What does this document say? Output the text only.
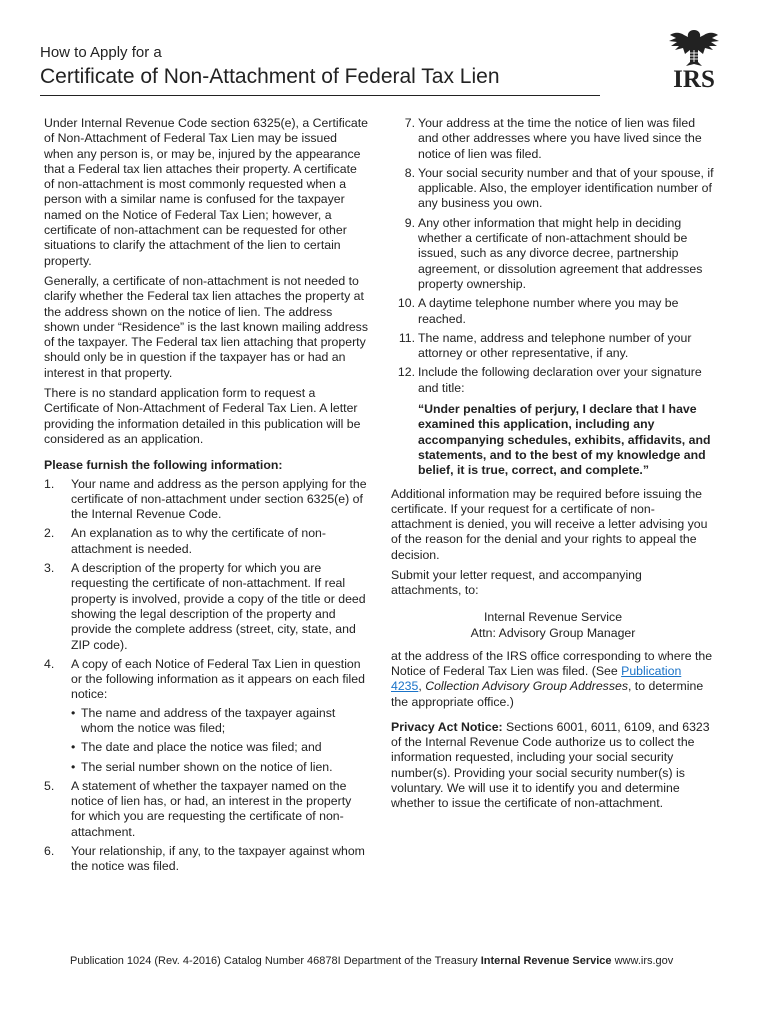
How to Apply for a
Certificate of Non-Attachment of Federal Tax Lien	IRS

Under Internal Revenue Code section 6325(e), a Certificate of Non-Attachment of Federal Tax Lien may be issued when any person is, or may be, injured by the appearance that a Federal tax lien attaches their property. A certificate of non-attachment is most commonly requested when a person with a similar name is confused for the taxpayer named on the Notice of Federal Tax Lien; however, a certificate of non-attachment can be requested for other situations to clarify the attachment of the lien to certain property.

Generally, a certificate of non-attachment is not needed to clarify whether the Federal tax lien attaches the property at the address shown on the notice of lien. The address shown under “Residence” is the last known mailing address of the taxpayer. The Federal tax lien attaching that property should only be in question if the taxpayer has or had an interest in that property.

There is no standard application form to request a Certificate of Non-Attachment of Federal Tax Lien. A letter providing the information detailed in this publication will be considered as an application.

Please furnish the following information:
1.	Your name and address as the person applying for the certificate of non-attachment under section 6325(e) of the Internal Revenue Code.
2.	An explanation as to why the certificate of non-attachment is needed.
3.	A description of the property for which you are requesting the certificate of non-attachment. If real property is involved, provide a copy of the title or deed showing the legal description of the property and provide the complete address (street, city, state, and ZIP code).
4.	A copy of each Notice of Federal Tax Lien in question or the following information as it appears on each filed notice:
• The name and address of the taxpayer against whom the notice was filed;
• The date and place the notice was filed; and
• The serial number shown on the notice of lien.
5.	A statement of whether the taxpayer named on the notice of lien has, or had, an interest in the property for which you are requesting the certificate of non-attachment.
6.	Your relationship, if any, to the taxpayer against whom the notice was filed.
7. Your address at the time the notice of lien was filed and other addresses where you have lived since the notice of lien was filed.
8. Your social security number and that of your spouse, if applicable. Also, the employer identification number of any business you own.
9. Any other information that might help in deciding whether a certificate of non-attachment should be issued, such as any divorce decree, partnership agreement, or dissolution agreement that addresses property ownership.
10. A daytime telephone number where you may be reached.
11. The name, address and telephone number of your attorney or other representative, if any.
12. Include the following declaration over your signature and title:
“Under penalties of perjury, I declare that I have examined this application, including any accompanying schedules, exhibits, affidavits, and statements, and to the best of my knowledge and belief, it is true, correct, and complete.”

Additional information may be required before issuing the certificate. If your request for a certificate of non-attachment is denied, you will receive a letter advising you of the reason for the denial and your rights to appeal the decision.

Submit your letter request, and accompanying attachments, to:

Internal Revenue Service
Attn: Advisory Group Manager

at the address of the IRS office corresponding to where the Notice of Federal Tax Lien was filed. (See Publication 4235, Collection Advisory Group Addresses, to determine the appropriate office.)

Privacy Act Notice: Sections 6001, 6011, 6109, and 6323 of the Internal Revenue Code authorize us to collect the information requested, including your social security number(s). Providing your social security number(s) is voluntary. We will use it to identify you and determine whether to issue the certificate of non-attachment.

Publication 1024 (Rev. 4-2016) Catalog Number 46878I Department of the Treasury Internal Revenue Service www.irs.gov
